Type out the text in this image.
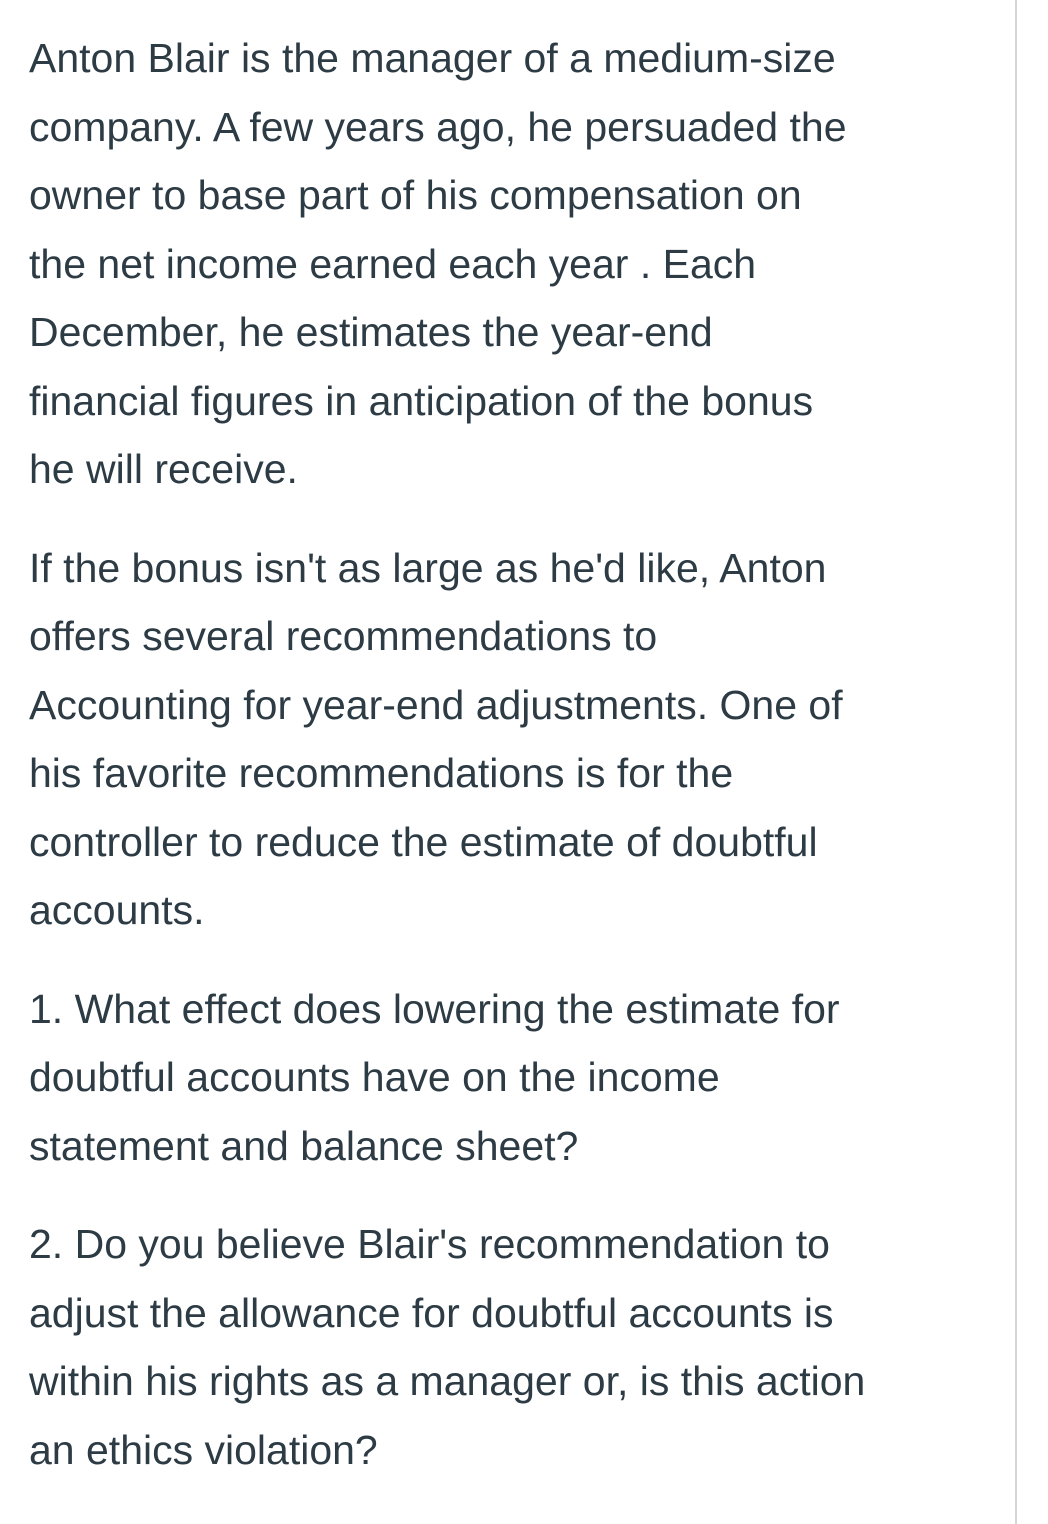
Anton Blair is the manager of a medium-size
company. A few years ago, he persuaded the
owner to base part of his compensation on
the net income earned each year . Each
December, he estimates the year-end
financial figures in anticipation of the bonus
he will receive.

If the bonus isn't as large as he'd like, Anton
offers several recommendations to
Accounting for year-end adjustments. One of
his favorite recommendations is for the
controller to reduce the estimate of doubtful
accounts.

1. What effect does lowering the estimate for
doubtful accounts have on the income
statement and balance sheet?

2. Do you believe Blair's recommendation to
adjust the allowance for doubtful accounts is
within his rights as a manager or, is this action
an ethics violation?
